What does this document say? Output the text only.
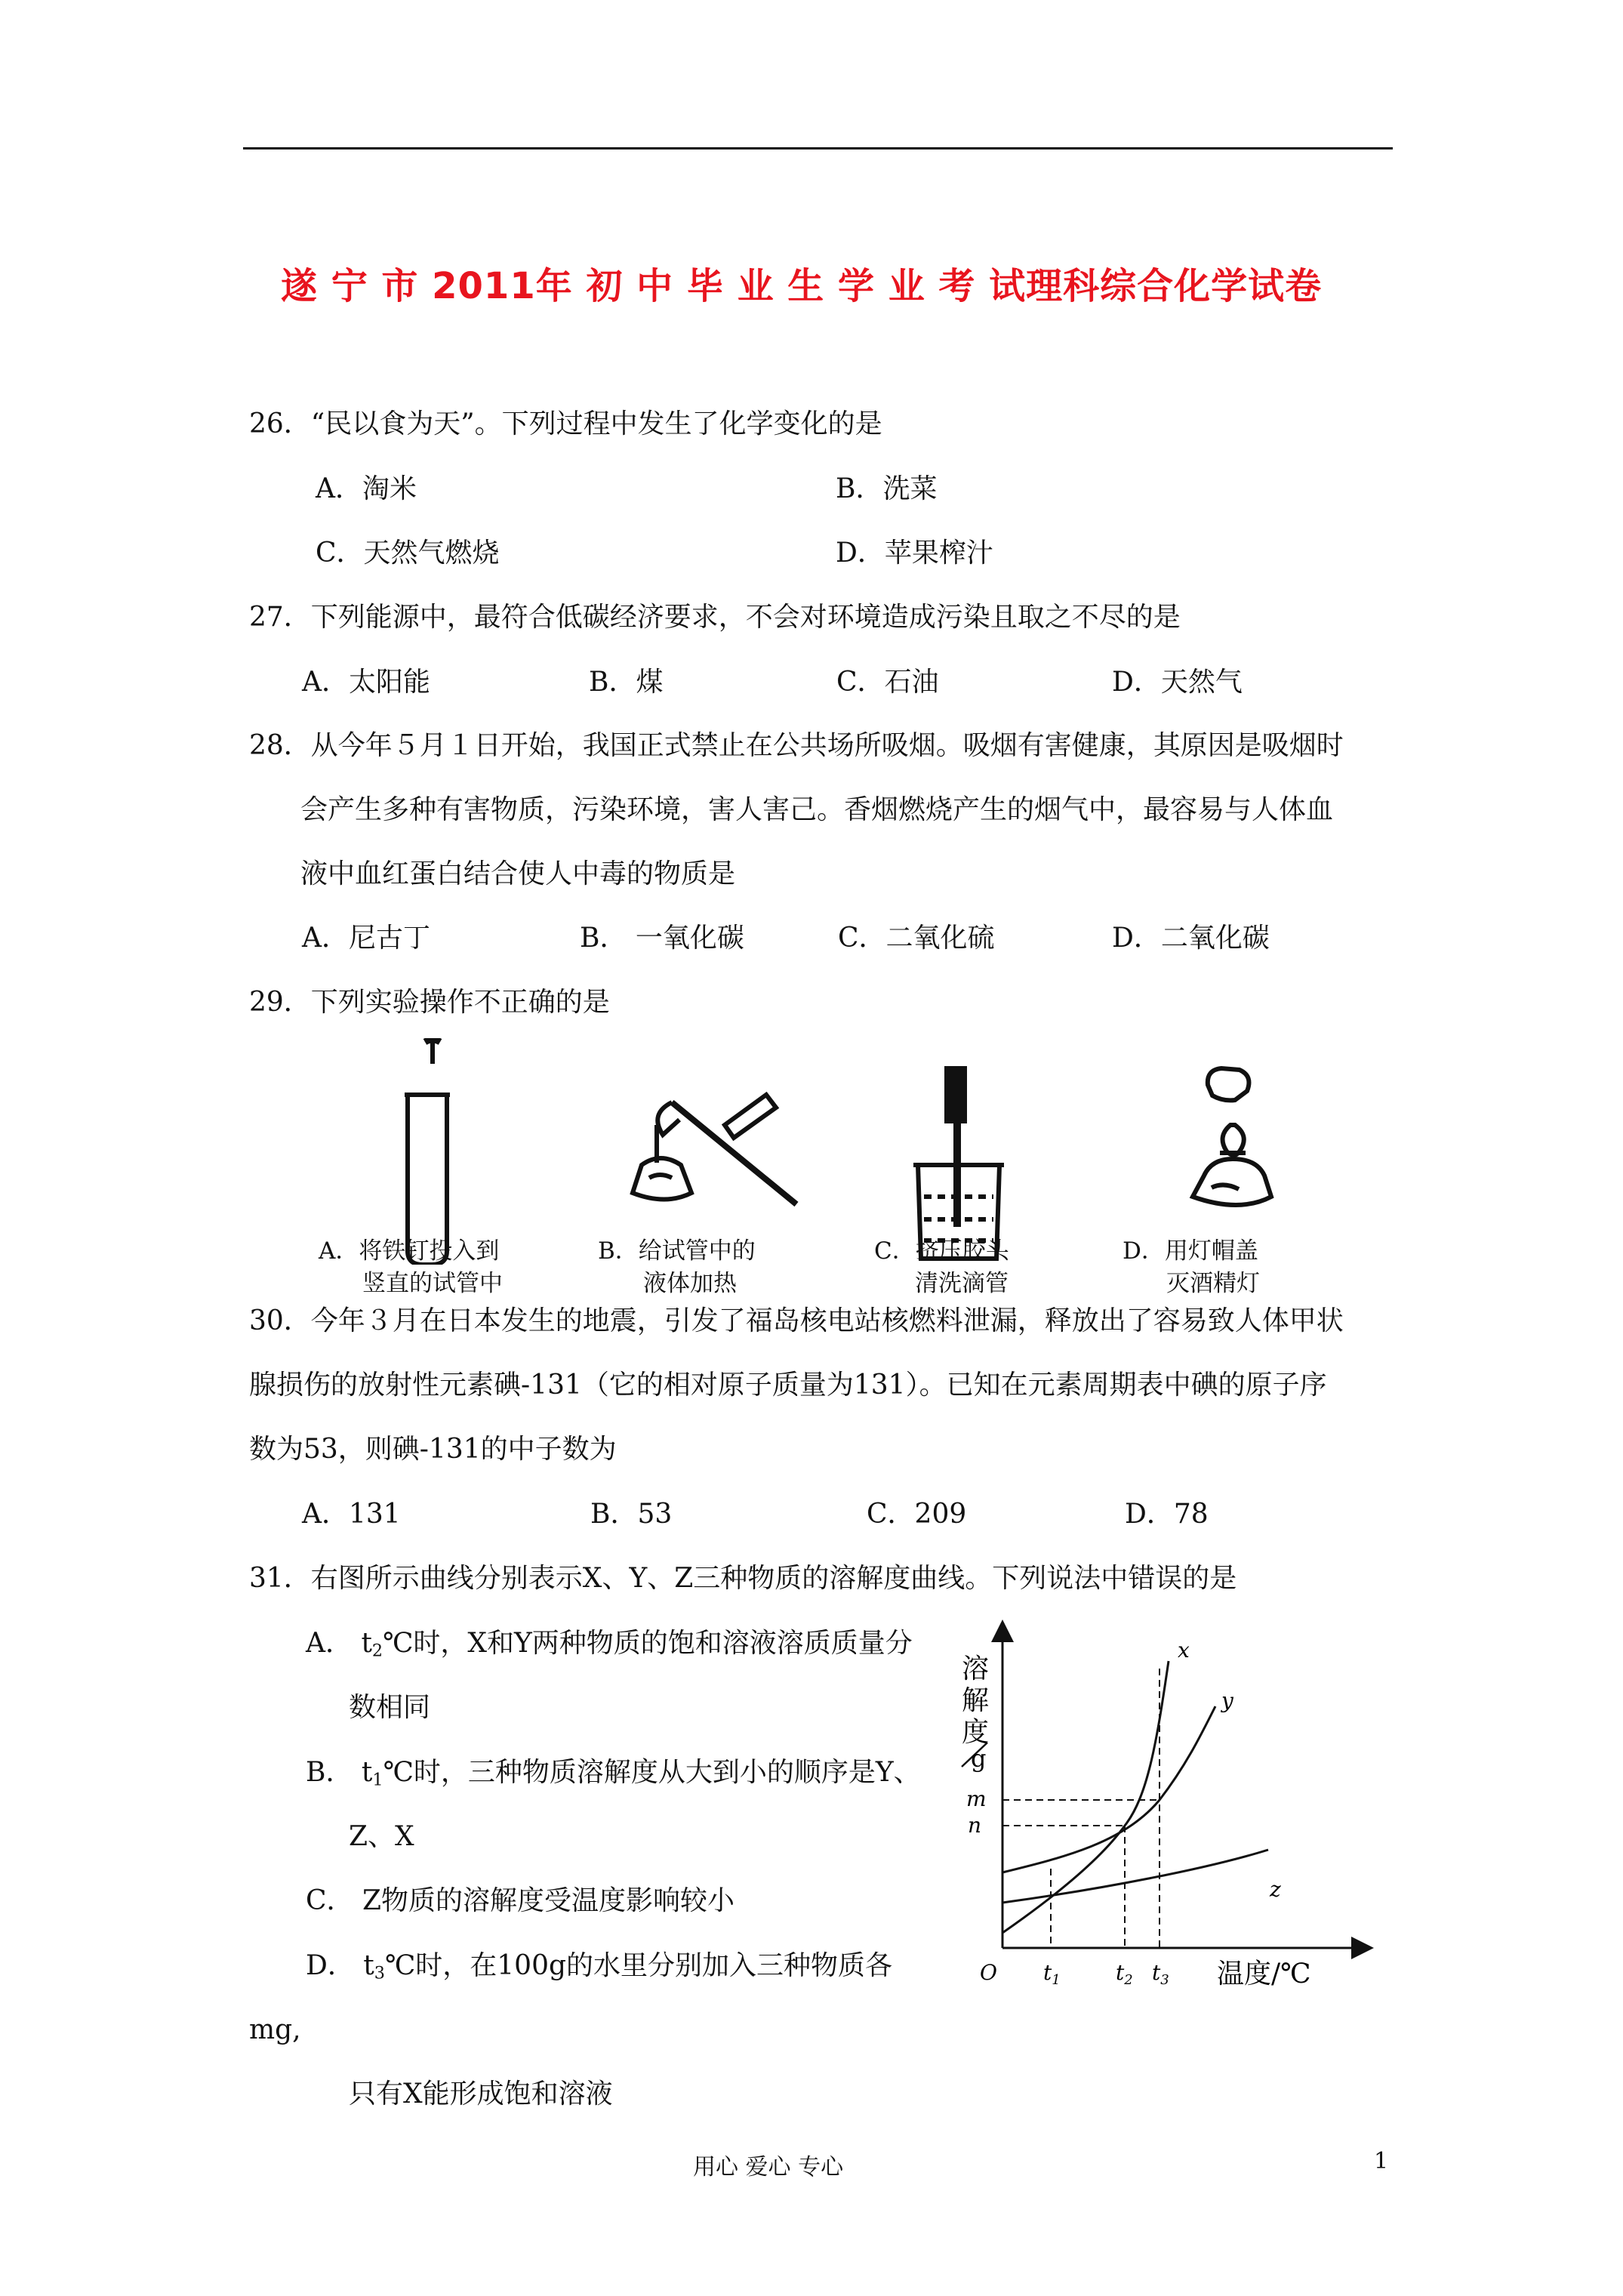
遂 宁 市 2011年 初 中 毕 业 生 学 业 考 试理科综合化学试卷
26．“民以食为天”。下列过程中发生了化学变化的是
A．淘米	B．洗菜
C．天然气燃烧	D．苹果榨汁
27．下列能源中，最符合低碳经济要求，不会对环境造成污染且取之不尽的是
A．太阳能	B．煤	C．石油	D．天然气
28．从今年５月１日开始，我国正式禁止在公共场所吸烟。吸烟有害健康，其原因是吸烟时
会产生多种有害物质，污染环境，害人害己。香烟燃烧产生的烟气中，最容易与人体血
液中血红蛋白结合使人中毒的物质是
A．尼古丁	B． 一氧化碳	C．二氧化硫	D．二氧化碳
29．下列实验操作不正确的是
A．将铁钉投入到
竖直的试管中
B．给试管中的
液体加热
C．挤压胶头
清洗滴管
D．用灯帽盖
灭酒精灯
30．今年３月在日本发生的地震，引发了福岛核电站核燃料泄漏，释放出了容易致人体甲状
腺损伤的放射性元素碘-131（它的相对原子质量为131）。已知在元素周期表中碘的原子序
数为53，则碘-131的中子数为
A．131	B．53	C．209	D．78
31．右图所示曲线分别表示X、Y、Z三种物质的溶解度曲线。下列说法中错误的是
A． $t_2℃$时，X和Y两种物质的饱和溶液溶质质量分
数相同
B． $t_1℃$时，三种物质溶解度从大到小的顺序是Y、
Z、X
C． Z物质的溶解度受温度影响较小
D． $t_3℃$时，在100g的水里分别加入三种物质各
mg,
只有X能形成饱和溶液
溶
解
度
g
m
n
x
y
z
O $t_1$	$t_2$ $t_3$ 温度/℃
用心 爱心 专心	1
